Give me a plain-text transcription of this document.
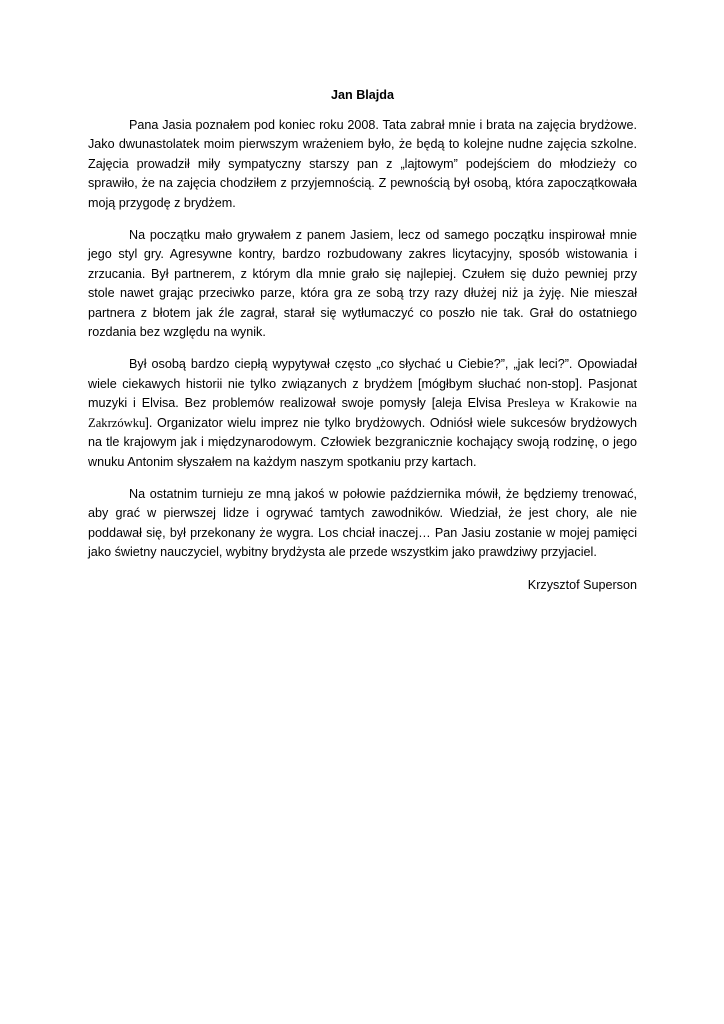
Jan Blajda

Pana Jasia poznałem pod koniec roku 2008. Tata zabrał mnie i brata na zajęcia brydżowe. Jako dwunastolatek moim pierwszym wrażeniem było, że będą to kolejne nudne zajęcia szkolne. Zajęcia prowadził miły sympatyczny starszy pan z „lajtowym” podejściem do młodzieży co sprawiło, że na zajęcia chodziłem z przyjemnością. Z pewnością był osobą, która zapoczątkowała moją przygodę z brydżem.

Na początku mało grywałem z panem Jasiem, lecz od samego początku inspirował mnie jego styl gry. Agresywne kontry, bardzo rozbudowany zakres licytacyjny, sposób wistowania i zrzucania. Był partnerem, z którym dla mnie grało się najlepiej. Czułem się dużo pewniej przy stole nawet grając przeciwko parze, która gra ze sobą trzy razy dłużej niż ja żyję. Nie mieszał partnera z błotem jak źle zagrał, starał się wytłumaczyć co poszło nie tak. Grał do ostatniego rozdania bez względu na wynik.

Był osobą bardzo ciepłą wypytywał często „co słychać u Ciebie?”, „jak leci?”. Opowiadał wiele ciekawych historii nie tylko związanych z brydżem [mógłbym słuchać non-stop]. Pasjonat muzyki i Elvisa. Bez problemów realizował swoje pomysły [aleja Elvisa Presleya w Krakowie na Zakrzówku]. Organizator wielu imprez nie tylko brydżowych. Odniósł wiele sukcesów brydżowych na tle krajowym jak i międzynarodowym. Człowiek bezgranicznie kochający swoją rodzinę, o jego wnuku Antonim słyszałem na każdym naszym spotkaniu przy kartach.

Na ostatnim turnieju ze mną jakoś w połowie października mówił, że będziemy trenować, aby grać w pierwszej lidze i ogrywać tamtych zawodników. Wiedział, że jest chory, ale nie poddawał się, był przekonany że wygra. Los chciał inaczej… Pan Jasiu zostanie w mojej pamięci jako świetny nauczyciel, wybitny brydżysta ale przede wszystkim jako prawdziwy przyjaciel.

Krzysztof Superson
